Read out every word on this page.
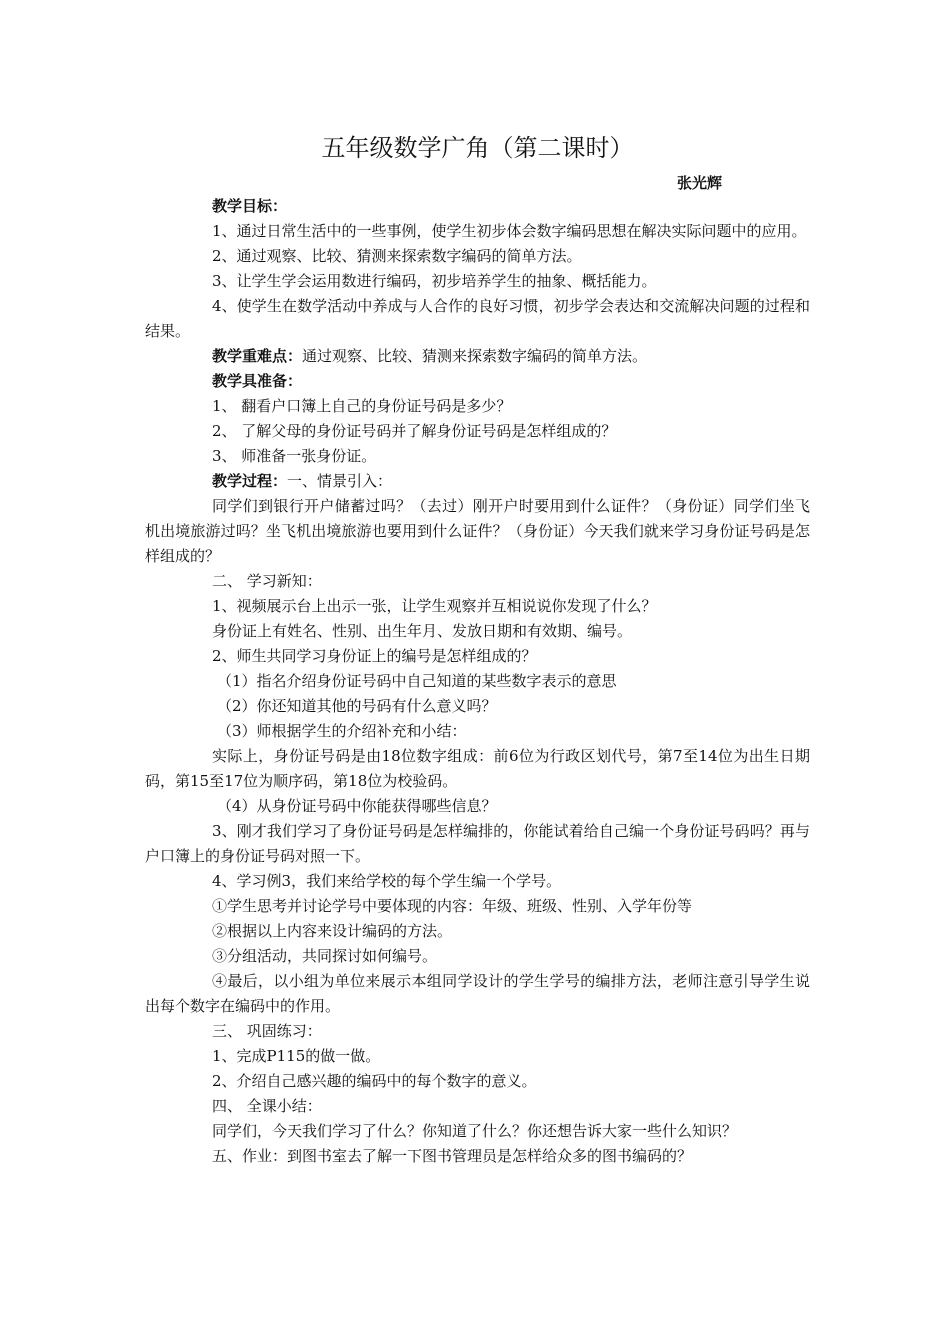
五年级数学广角（第二课时）
张光辉

教学目标：

1、通过日常生活中的一些事例，使学生初步体会数字编码思想在解决实际问题中的应用。

2、通过观察、比较、猜测来探索数字编码的简单方法。

3、让学生学会运用数进行编码，初步培养学生的抽象、概括能力。

4、使学生在数学活动中养成与人合作的良好习惯，初步学会表达和交流解决问题的过程和结果。

教学重难点：通过观察、比较、猜测来探索数字编码的简单方法。

教学具准备：

1、 翻看户口簿上自己的身份证号码是多少？

2、 了解父母的身份证号码并了解身份证号码是怎样组成的？

3、 师准备一张身份证。

教学过程：一、情景引入：

同学们到银行开户储蓄过吗？（去过）刚开户时要用到什么证件？（身份证）同学们坐飞机出境旅游过吗？坐飞机出境旅游也要用到什么证件？（身份证）今天我们就来学习身份证号码是怎样组成的？

二、 学习新知：

1、视频展示台上出示一张，让学生观察并互相说说你发现了什么？

身份证上有姓名、性别、出生年月、发放日期和有效期、编号。

2、师生共同学习身份证上的编号是怎样组成的？

（1）指名介绍身份证号码中自己知道的某些数字表示的意思

（2）你还知道其他的号码有什么意义吗？

（3）师根据学生的介绍补充和小结：

实际上，身份证号码是由18位数字组成：前6位为行政区划代号，第7至14位为出生日期码，第15至17位为顺序码，第18位为校验码。

（4）从身份证号码中你能获得哪些信息？

3、刚才我们学习了身份证号码是怎样编排的，你能试着给自己编一个身份证号码吗？再与户口簿上的身份证号码对照一下。

4、学习例3，我们来给学校的每个学生编一个学号。

①学生思考并讨论学号中要体现的内容：年级、班级、性别、入学年份等

②根据以上内容来设计编码的方法。

③分组活动，共同探讨如何编号。

④最后，以小组为单位来展示本组同学设计的学生学号的编排方法，老师注意引导学生说出每个数字在编码中的作用。

三、 巩固练习：

1、完成P115的做一做。

2、介绍自己感兴趣的编码中的每个数字的意义。

四、 全课小结：

同学们，今天我们学习了什么？你知道了什么？你还想告诉大家一些什么知识？

五、作业：到图书室去了解一下图书管理员是怎样给众多的图书编码的？
